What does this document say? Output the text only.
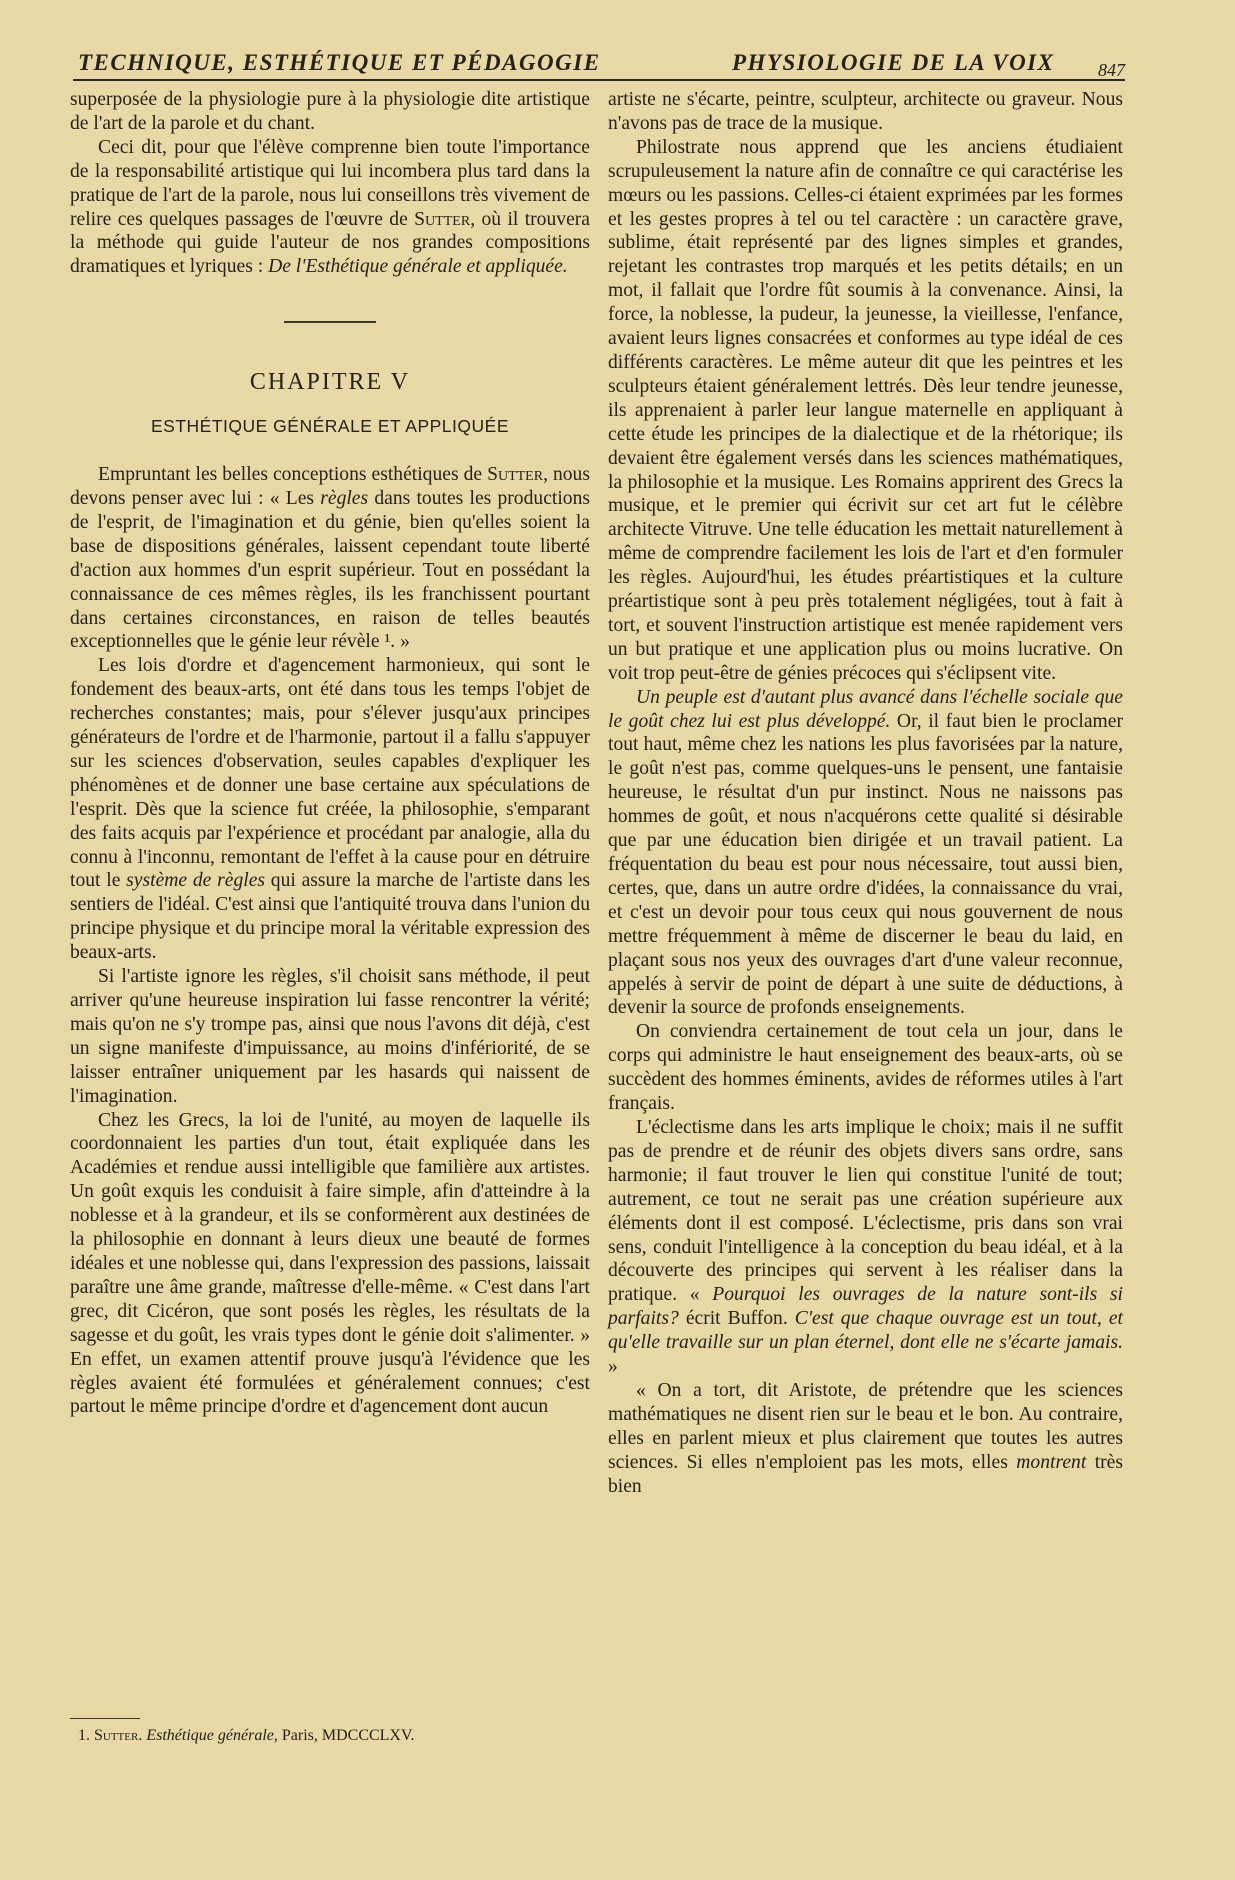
TECHNIQUE, ESTHÉTIQUE ET PÉDAGOGIE	PHYSIOLOGIE DE LA VOIX 847

superposée de la physiologie pure à la physiologie dite artistique de l'art de la parole et du chant.

Ceci dit, pour que l'élève comprenne bien toute l'importance de la responsabilité artistique qui lui incombera plus tard dans la pratique de l'art de la parole, nous lui conseillons très vivement de relire ces quelques passages de l'œuvre de Sutter, où il trouvera la méthode qui guide l'auteur de nos grandes compositions dramatiques et lyriques : De l'Esthétique générale et appliquée.

CHAPITRE V
ESTHÉTIQUE GÉNÉRALE ET APPLIQUÉE

Empruntant les belles conceptions esthétiques de Sutter, nous devons penser avec lui : « Les règles dans toutes les productions de l'esprit, de l'imagination et du génie, bien qu'elles soient la base de dispositions générales, laissent cependant toute liberté d'action aux hommes d'un esprit supérieur. Tout en possédant la connaissance de ces mêmes règles, ils les franchissent pourtant dans certaines circonstances, en raison de telles beautés exceptionnelles que le génie leur révèle ¹. »

Les lois d'ordre et d'agencement harmonieux, qui sont le fondement des beaux-arts, ont été dans tous les temps l'objet de recherches constantes; mais, pour s'élever jusqu'aux principes générateurs de l'ordre et de l'harmonie, partout il a fallu s'appuyer sur les sciences d'observation, seules capables d'expliquer les phénomènes et de donner une base certaine aux spéculations de l'esprit. Dès que la science fut créée, la philosophie, s'emparant des faits acquis par l'expérience et procédant par analogie, alla du connu à l'inconnu, remontant de l'effet à la cause pour en détruire tout le système de règles qui assure la marche de l'artiste dans les sentiers de l'idéal. C'est ainsi que l'antiquité trouva dans l'union du principe physique et du principe moral la véritable expression des beaux-arts.

Si l'artiste ignore les règles, s'il choisit sans méthode, il peut arriver qu'une heureuse inspiration lui fasse rencontrer la vérité; mais qu'on ne s'y trompe pas, ainsi que nous l'avons dit déjà, c'est un signe manifeste d'impuissance, au moins d'infériorité, de se laisser entraîner uniquement par les hasards qui naissent de l'imagination.

Chez les Grecs, la loi de l'unité, au moyen de laquelle ils coordonnaient les parties d'un tout, était expliquée dans les Académies et rendue aussi intelligible que familière aux artistes. Un goût exquis les conduisit à faire simple, afin d'atteindre à la noblesse et à la grandeur, et ils se conformèrent aux destinées de la philosophie en donnant à leurs dieux une beauté de formes idéales et une noblesse qui, dans l'expression des passions, laissait paraître une âme grande, maîtresse d'elle-même. « C'est dans l'art grec, dit Cicéron, que sont posés les règles, les résultats de la sagesse et du goût, les vrais types dont le génie doit s'alimenter. » En effet, un examen attentif prouve jusqu'à l'évidence que les règles avaient été formulées et généralement connues; c'est partout le même principe d'ordre et d'agencement dont aucun

artiste ne s'écarte, peintre, sculpteur, architecte ou graveur. Nous n'avons pas de trace de la musique.

Philostrate nous apprend que les anciens étudiaient scrupuleusement la nature afin de connaître ce qui caractérise les mœurs ou les passions. Celles-ci étaient exprimées par les formes et les gestes propres à tel ou tel caractère : un caractère grave, sublime, était représenté par des lignes simples et grandes, rejetant les contrastes trop marqués et les petits détails; en un mot, il fallait que l'ordre fût soumis à la convenance. Ainsi, la force, la noblesse, la pudeur, la jeunesse, la vieillesse, l'enfance, avaient leurs lignes consacrées et conformes au type idéal de ces différents caractères. Le même auteur dit que les peintres et les sculpteurs étaient généralement lettrés. Dès leur tendre jeunesse, ils apprenaient à parler leur langue maternelle en appliquant à cette étude les principes de la dialectique et de la rhétorique; ils devaient être également versés dans les sciences mathématiques, la philosophie et la musique. Les Romains apprirent des Grecs la musique, et le premier qui écrivit sur cet art fut le célèbre architecte Vitruve. Une telle éducation les mettait naturellement à même de comprendre facilement les lois de l'art et d'en formuler les règles. Aujourd'hui, les études préartistiques et la culture préartistique sont à peu près totalement négligées, tout à fait à tort, et souvent l'instruction artistique est menée rapidement vers un but pratique et une application plus ou moins lucrative. On voit trop peut-être de génies précoces qui s'éclipsent vite.

Un peuple est d'autant plus avancé dans l'échelle sociale que le goût chez lui est plus développé. Or, il faut bien le proclamer tout haut, même chez les nations les plus favorisées par la nature, le goût n'est pas, comme quelques-uns le pensent, une fantaisie heureuse, le résultat d'un pur instinct. Nous ne naissons pas hommes de goût, et nous n'acquérons cette qualité si désirable que par une éducation bien dirigée et un travail patient. La fréquentation du beau est pour nous nécessaire, tout aussi bien, certes, que, dans un autre ordre d'idées, la connaissance du vrai, et c'est un devoir pour tous ceux qui nous gouvernent de nous mettre fréquemment à même de discerner le beau du laid, en plaçant sous nos yeux des ouvrages d'art d'une valeur reconnue, appelés à servir de point de départ à une suite de déductions, à devenir la source de profonds enseignements.

On conviendra certainement de tout cela un jour, dans le corps qui administre le haut enseignement des beaux-arts, où se succèdent des hommes éminents, avides de réformes utiles à l'art français.

L'éclectisme dans les arts implique le choix; mais il ne suffit pas de prendre et de réunir des objets divers sans ordre, sans harmonie; il faut trouver le lien qui constitue l'unité de tout; autrement, ce tout ne serait pas une création supérieure aux éléments dont il est composé. L'éclectisme, pris dans son vrai sens, conduit l'intelligence à la conception du beau idéal, et à la découverte des principes qui servent à les réaliser dans la pratique. « Pourquoi les ouvrages de la nature sont-ils si parfaits? écrit Buffon. C'est que chaque ouvrage est un tout, et qu'elle travaille sur un plan éternel, dont elle ne s'écarte jamais. »

« On a tort, dit Aristote, de prétendre que les sciences mathématiques ne disent rien sur le beau et le bon. Au contraire, elles en parlent mieux et plus clairement que toutes les autres sciences. Si elles n'emploient pas les mots, elles montrent très bien

1. Sutter. Esthétique générale, Paris, MDCCCLXV.
